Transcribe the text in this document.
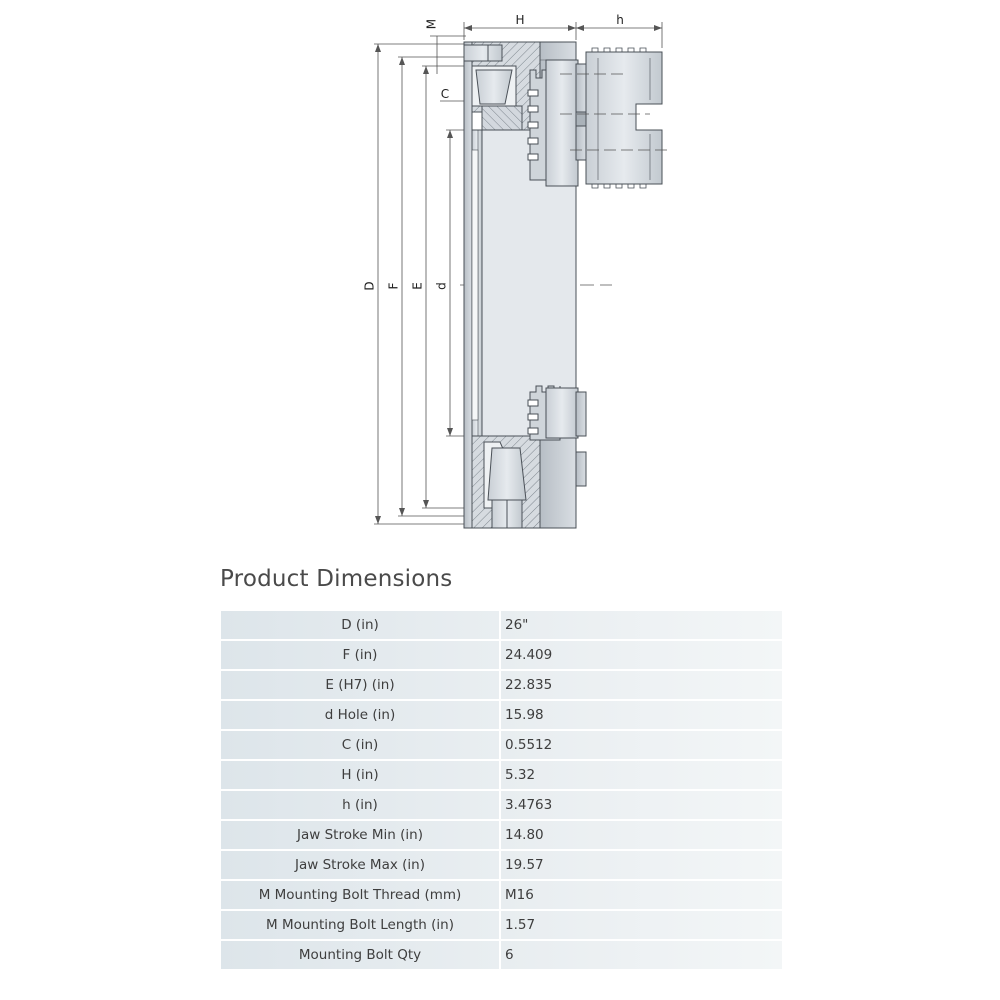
M	H	h
C
D F E d
Product Dimensions
D (in)	26"
F (in)	24.409
E (H7) (in)	22.835
d Hole (in)	15.98
C (in)	0.5512
H (in)	5.32
h (in)	3.4763
Jaw Stroke Min (in)	14.80
Jaw Stroke Max (in)	19.57
M Mounting Bolt Thread (mm)	M16
M Mounting Bolt Length (in)	1.57
Mounting Bolt Qty	6
